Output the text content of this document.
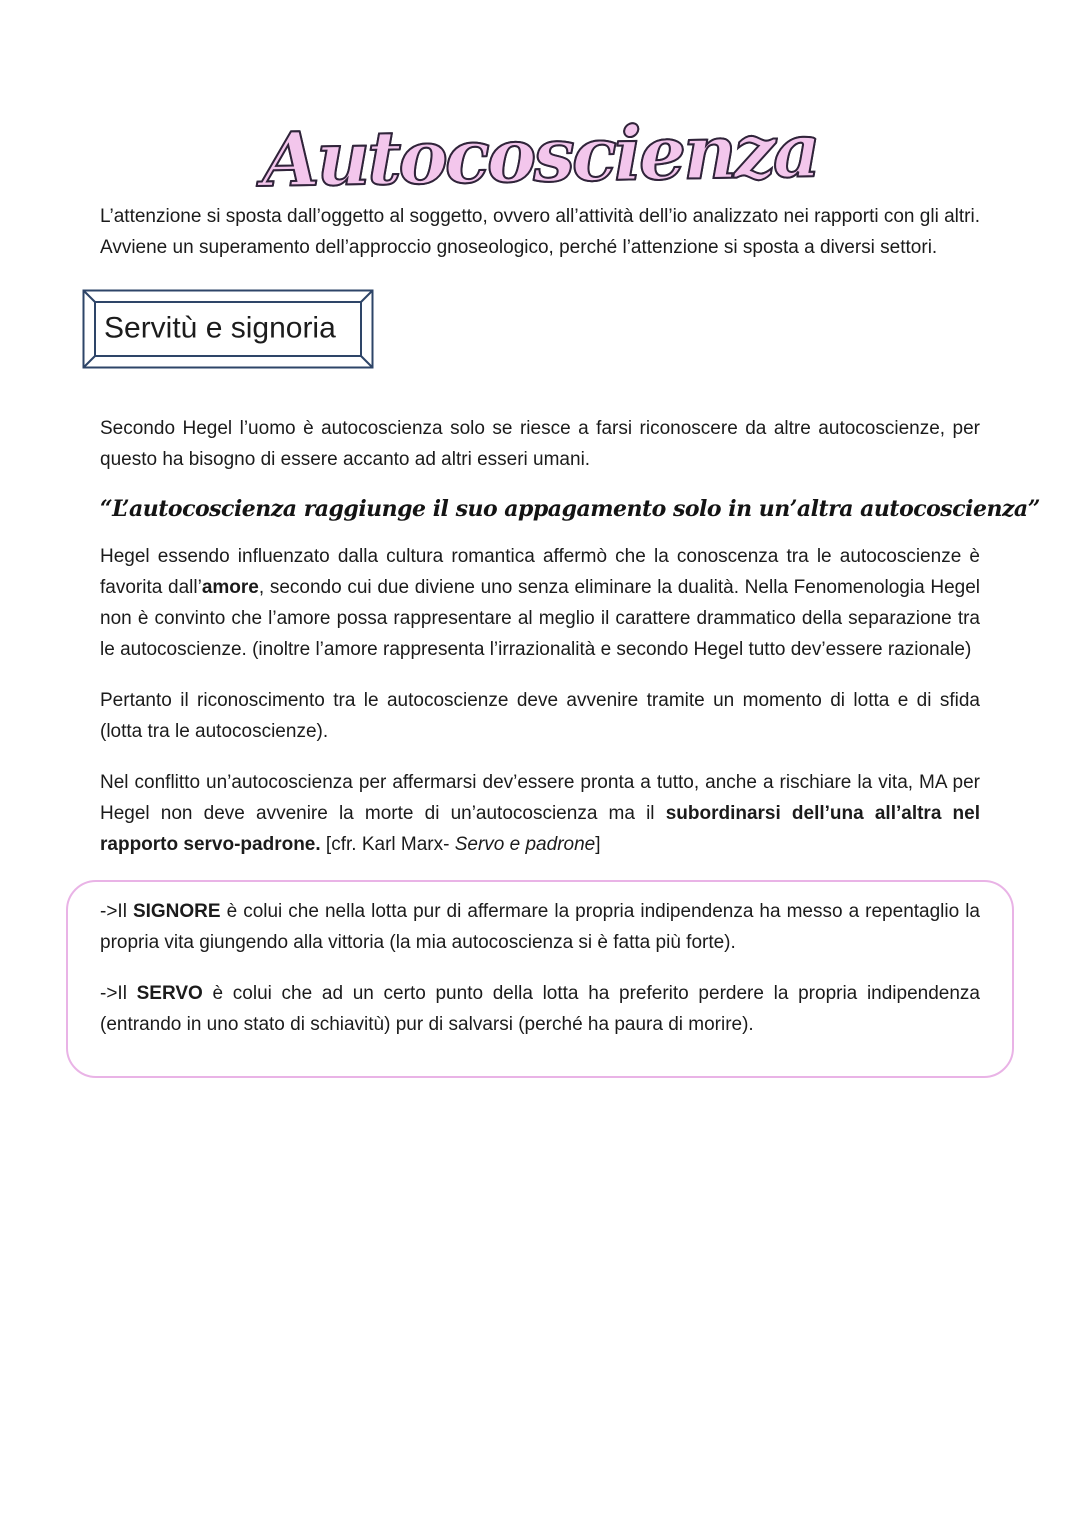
Autocoscienza

L’attenzione si sposta dall’oggetto al soggetto, ovvero all’attività dell’io analizzato nei rapporti con gli altri. Avviene un superamento dell’approccio gnoseologico, perché l’attenzione si sposta a diversi settori.

Servitù e signoria

Secondo Hegel l’uomo è autocoscienza solo se riesce a farsi riconoscere da altre autocoscienze, per questo ha bisogno di essere accanto ad altri esseri umani.

“L’autocoscienza raggiunge il suo appagamento solo in un’altra autocoscienza”

Hegel essendo influenzato dalla cultura romantica affermò che la conoscenza tra le autocoscienze è favorita dall’amore, secondo cui due diviene uno senza eliminare la dualità. Nella Fenomenologia Hegel non è convinto che l’amore possa rappresentare al meglio il carattere drammatico della separazione tra le autocoscienze. (inoltre l’amore rappresenta l’irrazionalità e secondo Hegel tutto dev’essere razionale)

Pertanto il riconoscimento tra le autocoscienze deve avvenire tramite un momento di lotta e di sfida (lotta tra le autocoscienze).

Nel conflitto un’autocoscienza per affermarsi dev’essere pronta a tutto, anche a rischiare la vita, MA per Hegel non deve avvenire la morte di un’autocoscienza ma il subordinarsi dell’una all’altra nel rapporto servo-padrone. [cfr. Karl Marx- Servo e padrone]

->Il SIGNORE è colui che nella lotta pur di affermare la propria indipendenza ha messo a repentaglio la propria vita giungendo alla vittoria (la mia autocoscienza si è fatta più forte).

->Il SERVO è colui che ad un certo punto della lotta ha preferito perdere la propria indipendenza (entrando in uno stato di schiavitù) pur di salvarsi (perché ha paura di morire).
